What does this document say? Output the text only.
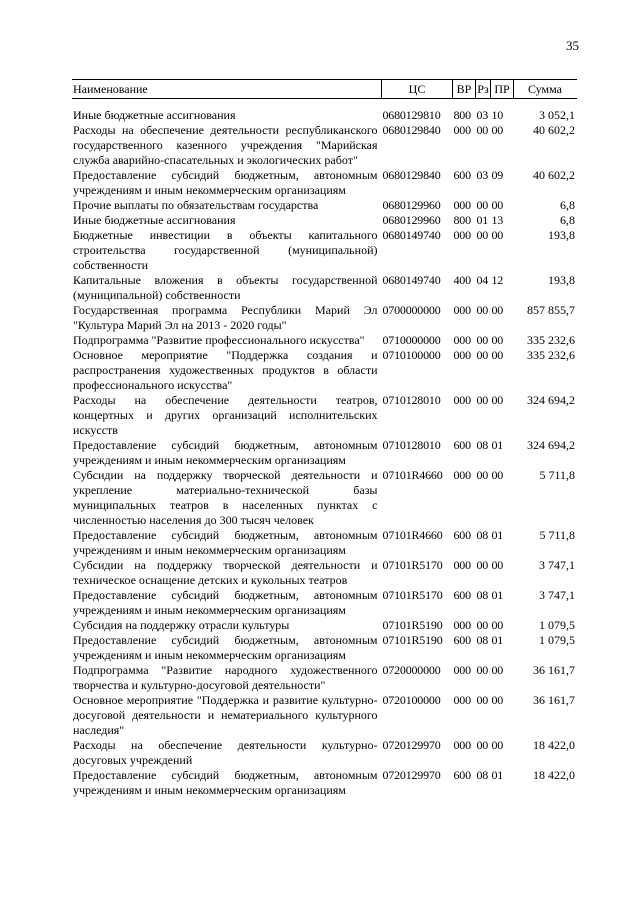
35
Наименование	ЦС	ВР	Рз	ПР	Сумма

Иные бюджетные ассигнования	0680129810	800	03	10	3 052,1
Расходы на обеспечение деятельности республиканского государственного казенного учреждения "Марийская служба аварийно-спасательных и экологических работ"	0680129840	000	00	00	40 602,2
Предоставление субсидий бюджетным, автономным учреждениям и иным некоммерческим организациям	0680129840	600	03	09	40 602,2
Прочие выплаты по обязательствам государства	0680129960	000	00	00	6,8
Иные бюджетные ассигнования	0680129960	800	01	13	6,8
Бюджетные инвестиции в объекты капитального строительства государственной (муниципальной) собственности	0680149740	000	00	00	193,8
Капитальные вложения в объекты государственной (муниципальной) собственности	0680149740	400	04	12	193,8
Государственная программа Республики Марий Эл "Культура Марий Эл на 2013 - 2020 годы"	0700000000	000	00	00	857 855,7
Подпрограмма "Развитие профессионального искусства"	0710000000	000	00	00	335 232,6
Основное мероприятие "Поддержка создания и распространения художественных продуктов в области профессионального искусства"	0710100000	000	00	00	335 232,6
Расходы на обеспечение деятельности театров, концертных и других организаций исполнительских искусств	0710128010	000	00	00	324 694,2
Предоставление субсидий бюджетным, автономным учреждениям и иным некоммерческим организациям	0710128010	600	08	01	324 694,2
Субсидии на поддержку творческой деятельности и укрепление материально-технической базы муниципальных театров в населенных пунктах с численностью населения до 300 тысяч человек	07101R4660	000	00	00	5 711,8
Предоставление субсидий бюджетным, автономным учреждениям и иным некоммерческим организациям	07101R4660	600	08	01	5 711,8
Субсидии на поддержку творческой деятельности и техническое оснащение детских и кукольных театров	07101R5170	000	00	00	3 747,1
Предоставление субсидий бюджетным, автономным учреждениям и иным некоммерческим организациям	07101R5170	600	08	01	3 747,1
Субсидия на поддержку отрасли культуры	07101R5190	000	00	00	1 079,5
Предоставление субсидий бюджетным, автономным учреждениям и иным некоммерческим организациям	07101R5190	600	08	01	1 079,5
Подпрограмма "Развитие народного художественного творчества и культурно-досуговой деятельности"	0720000000	000	00	00	36 161,7
Основное мероприятие "Поддержка и развитие культурно-досуговой деятельности и нематериального культурного наследия"	0720100000	000	00	00	36 161,7
Расходы на обеспечение деятельности культурно-досуговых учреждений	0720129970	000	00	00	18 422,0
Предоставление субсидий бюджетным, автономным учреждениям и иным некоммерческим организациям	0720129970	600	08	01	18 422,0
